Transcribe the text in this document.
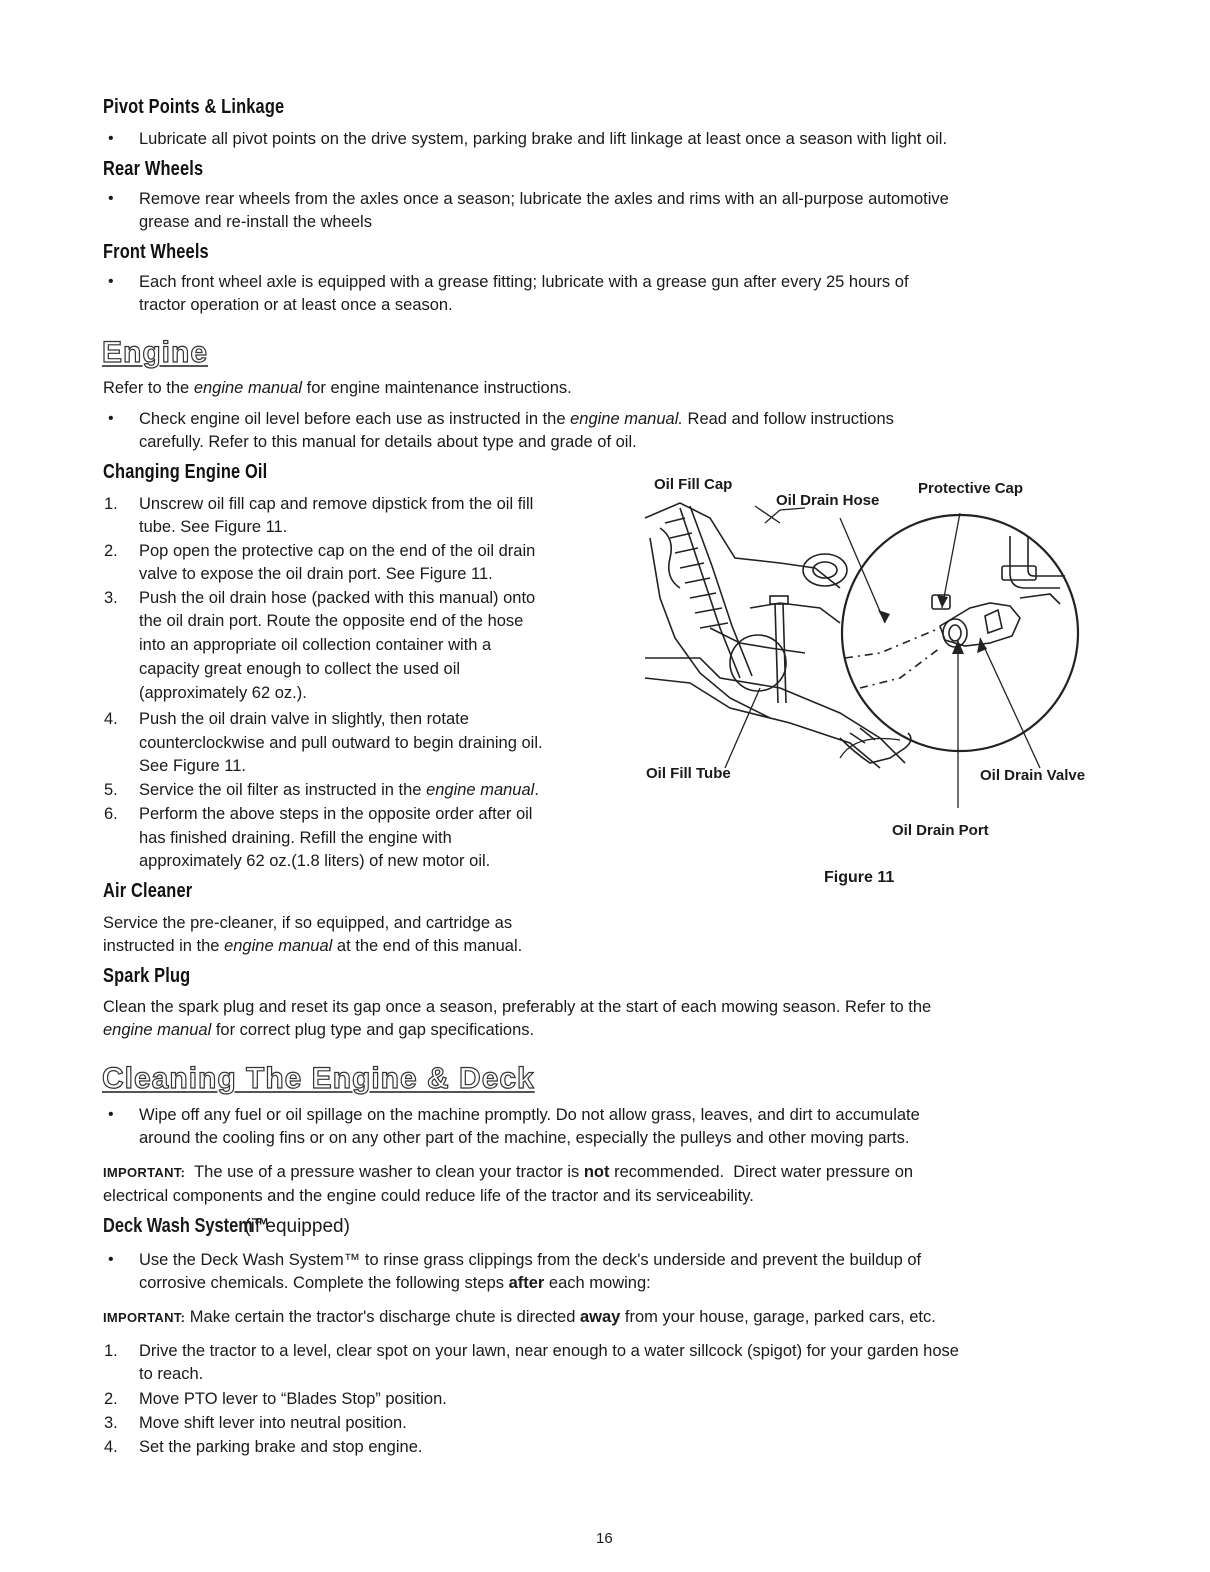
Pivot Points & Linkage
• Lubricate all pivot points on the drive system, parking brake and lift linkage at least once a season with light oil.

Rear Wheels
• Remove rear wheels from the axles once a season; lubricate the axles and rims with an all-purpose automotive

grease and re-install the wheels

Front Wheels
• Each front wheel axle is equipped with a grease fitting; lubricate with a grease gun after every 25 hours of

tractor operation or at least once a season.

Engine

Refer to the engine manual for engine maintenance instructions.

• Check engine oil level before each use as instructed in the engine manual. Read and follow instructions

carefully. Refer to this manual for details about type and grade of oil.

Changing Engine Oil
1. Unscrew oil fill cap and remove dipstick from the oil fill

tube. See Figure 11.

2. Pop open the protective cap on the end of the oil drain

valve to expose the oil drain port. See Figure 11.

3. Push the oil drain hose (packed with this manual) onto

the oil drain port. Route the opposite end of the hose

into an appropriate oil collection container with a

capacity great enough to collect the used oil

(approximately 62 oz.).

4. Push the oil drain valve in slightly, then rotate

counterclockwise and pull outward to begin draining oil.

See Figure 11.

5. Service the oil filter as instructed in the engine manual.

6. Perform the above steps in the opposite order after oil

has finished draining. Refill the engine with

approximately 62 oz.(1.8 liters) of new motor oil.

Air Cleaner

Service the pre-cleaner, if so equipped, and cartridge as

instructed in the engine manual at the end of this manual.

Spark Plug

Clean the spark plug and reset its gap once a season, preferably at the start of each mowing season. Refer to the

engine manual for correct plug type and gap specifications.

Cleaning The Engine & Deck
• Wipe off any fuel or oil spillage on the machine promptly. Do not allow grass, leaves, and dirt to accumulate

around the cooling fins or on any other part of the machine, especially the pulleys and other moving parts.

IMPORTANT:  The use of a pressure washer to clean your tractor is not recommended.  Direct water pressure on

electrical components and the engine could reduce life of the tractor and its serviceability.

Deck Wash System™ (if equipped)
• Use the Deck Wash System™ to rinse grass clippings from the deck's underside and prevent the buildup of

corrosive chemicals. Complete the following steps after each mowing:

IMPORTANT: Make certain the tractor's discharge chute is directed away from your house, garage, parked cars, etc.

1. Drive the tractor to a level, clear spot on your lawn, near enough to a water sillcock (spigot) for your garden hose

to reach.

2. Move PTO lever to “Blades Stop” position.

3. Move shift lever into neutral position.

4. Set the parking brake and stop engine.

Oil Fill Cap
Oil Drain Hose
Protective Cap
Oil Fill Tube	Oil Drain Valve
Oil Drain Port
Figure 11
16
